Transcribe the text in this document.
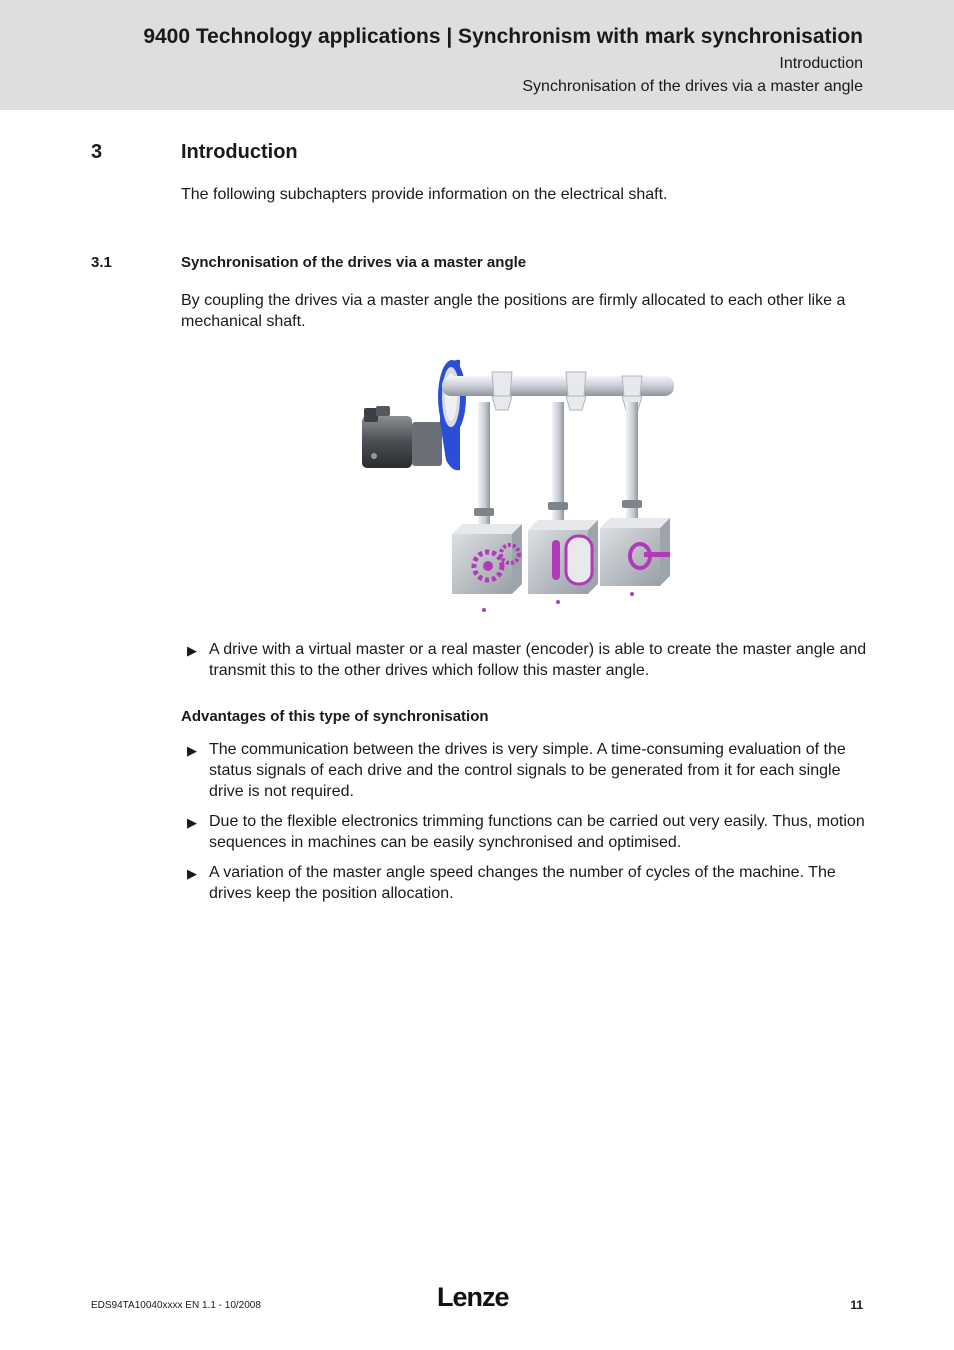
9400 Technology applications | Synchronism with mark synchronisation
Introduction
Synchronisation of the drives via a master angle
3	Introduction
The following subchapters provide information on the electrical shaft.
3.1	Synchronisation of the drives via a master angle
By coupling the drives via a master angle the positions are firmly allocated to each other like a mechanical shaft.
▶ A drive with a virtual master or a real master (encoder) is able to create the master angle and transmit this to the other drives which follow this master angle.
Advantages of this type of synchronisation
▶ The communication between the drives is very simple. A time-consuming evaluation of the status signals of each drive and the control signals to be generated from it for each single drive is not required.
▶ Due to the flexible electronics trimming functions can be carried out very easily. Thus, motion sequences in machines can be easily synchronised and optimised.
▶ A variation of the master angle speed changes the number of cycles of the machine. The drives keep the position allocation.
EDS94TA10040xxxx EN 1.1 - 10/2008	Lenze	11
